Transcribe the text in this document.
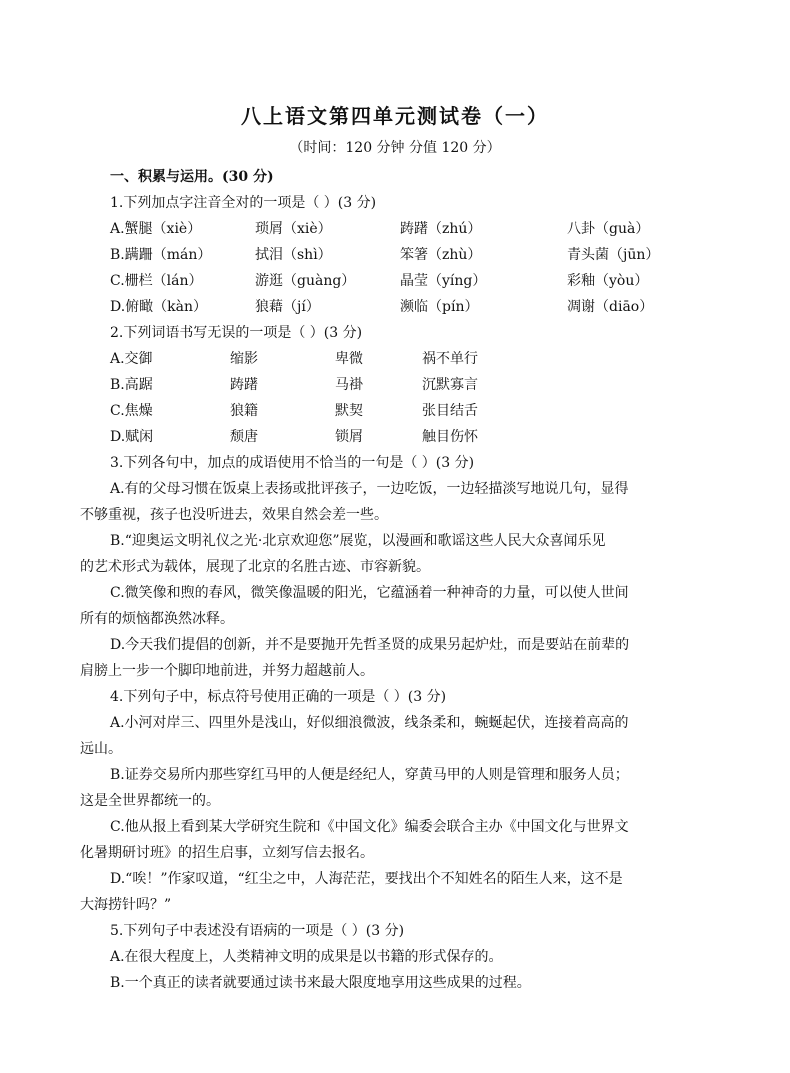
八上语文第四单元测试卷（一）
（时间：120 分钟 分值 120 分）
一、积累与运用。(30 分)
1.下列加点字注音全对的一项是（ ）(3 分)
A.蟹腿（xiè）	琐屑（xiè）	踌躇（zhú）	八卦（guà）
B.蹒跚（mán）	拭泪（shì）	笨箸（zhù）	青头菌（jūn）
C.栅栏（lán）	游逛（guàng）	晶莹（yíng）	彩釉（yòu）
D.俯瞰（kàn）	狼藉（jí）	濒临（pín）	凋谢（diāo）
2.下列词语书写无误的一项是（ ）(3 分)
A.交御	缩影	卑微	祸不单行
B.高踞	踌躇	马褂	沉默寡言
C.焦燥	狼籍	默契	张目结舌
D.赋闲	颓唐	锁屑	触目伤怀
3.下列各句中，加点的成语使用不恰当的一句是（ ）(3 分)
A.有的父母习惯在饭桌上表扬或批评孩子，一边吃饭，一边轻描淡写地说几句，显得
不够重视，孩子也没听进去，效果自然会差一些。
B.“迎奥运文明礼仪之光·北京欢迎您”展览，以漫画和歌谣这些人民大众喜闻乐见
的艺术形式为载体，展现了北京的名胜古迹、市容新貌。
C.微笑像和煦的春风，微笑像温暖的阳光，它蕴涵着一种神奇的力量，可以使人世间
所有的烦恼都涣然冰释。
D.今天我们提倡的创新，并不是要抛开先哲圣贤的成果另起炉灶，而是要站在前辈的
肩膀上一步一个脚印地前进，并努力超越前人。
4.下列句子中，标点符号使用正确的一项是（ ）(3 分)
A.小河对岸三、四里外是浅山，好似细浪微波，线条柔和，蜿蜒起伏，连接着高高的
远山。
B.证券交易所内那些穿红马甲的人便是经纪人，穿黄马甲的人则是管理和服务人员；
这是全世界都统一的。
C.他从报上看到某大学研究生院和《中国文化》编委会联合主办《中国文化与世界文
化暑期研讨班》的招生启事，立刻写信去报名。
D.“唉！”作家叹道，“红尘之中，人海茫茫，要找出个不知姓名的陌生人来，这不是
大海捞针吗？”
5.下列句子中表述没有语病的一项是（ ）(3 分)
A.在很大程度上，人类精神文明的成果是以书籍的形式保存的。
B.一个真正的读者就要通过读书来最大限度地享用这些成果的过程。
